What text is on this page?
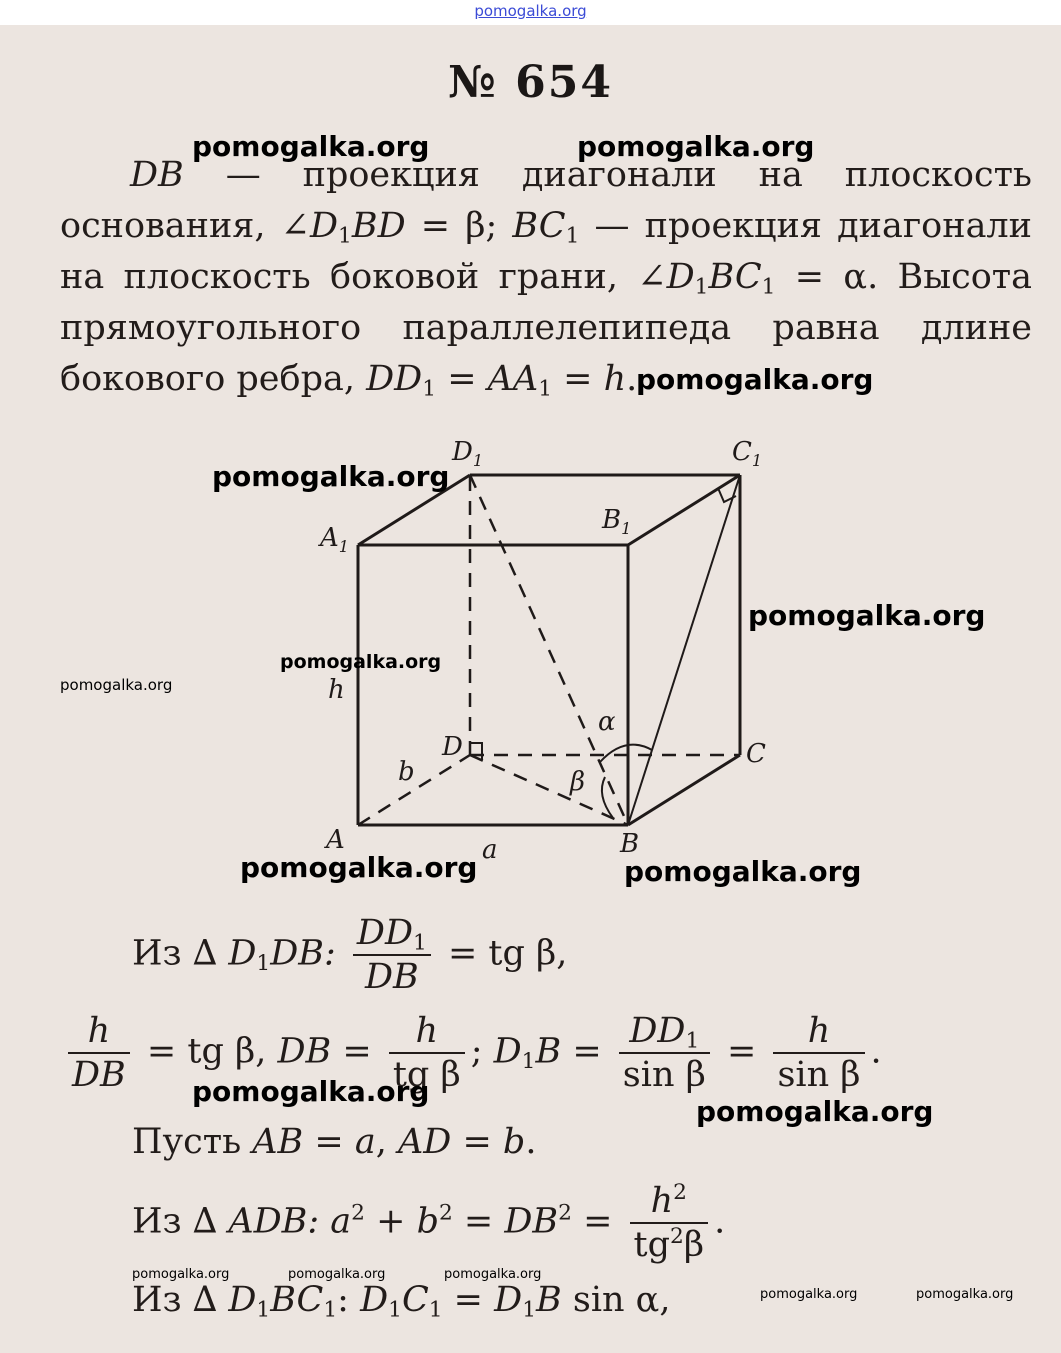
pomogalka.org
№ 654
DB — проекция диагонали на плоскость основания, $\angle D_1BD = \beta$; $BC_1$ — проекция диагонали на плоскость боковой грани, $\angle D_1BC_1 = \alpha$. Высота прямоугольного параллелепипеда равна длине бокового ребра, $DD_1 = AA_1 = h$.
$D_1$	$C_1$
$A_1$
$B_1$
A	B
C
D
h
a
b
α
β
Из ∆ $D_1DB$: $\frac{DD_1}{DB}$ = tg β,
$\frac{h}{DB}$ = tg β, DB = $\frac{h}{\text{tg β}}$ ; $D_1B = \frac{DD_1}{\text{sin β}} = \frac{h}{\text{sin β}}$ .
Пусть AB = a, AD = b.
Из ∆ ADB: $a^2 + b^2 = DB^2 = \frac{h^2}{tg^2\beta}$ .
Из ∆ $D_1BC_1$: $D_1C_1 = D_1B$ sin α,
pomogalka.org	pomogalka.org
pomogalka.org
pomogalka.org
pomogalka.org
pomogalka.org
pomogalka.org
pomogalka.org	pomogalka.org
pomogalka.org
pomogalka.org
pomogalka.org	pomogalka.org	pomogalka.org
pomogalka.org	pomogalka.org
